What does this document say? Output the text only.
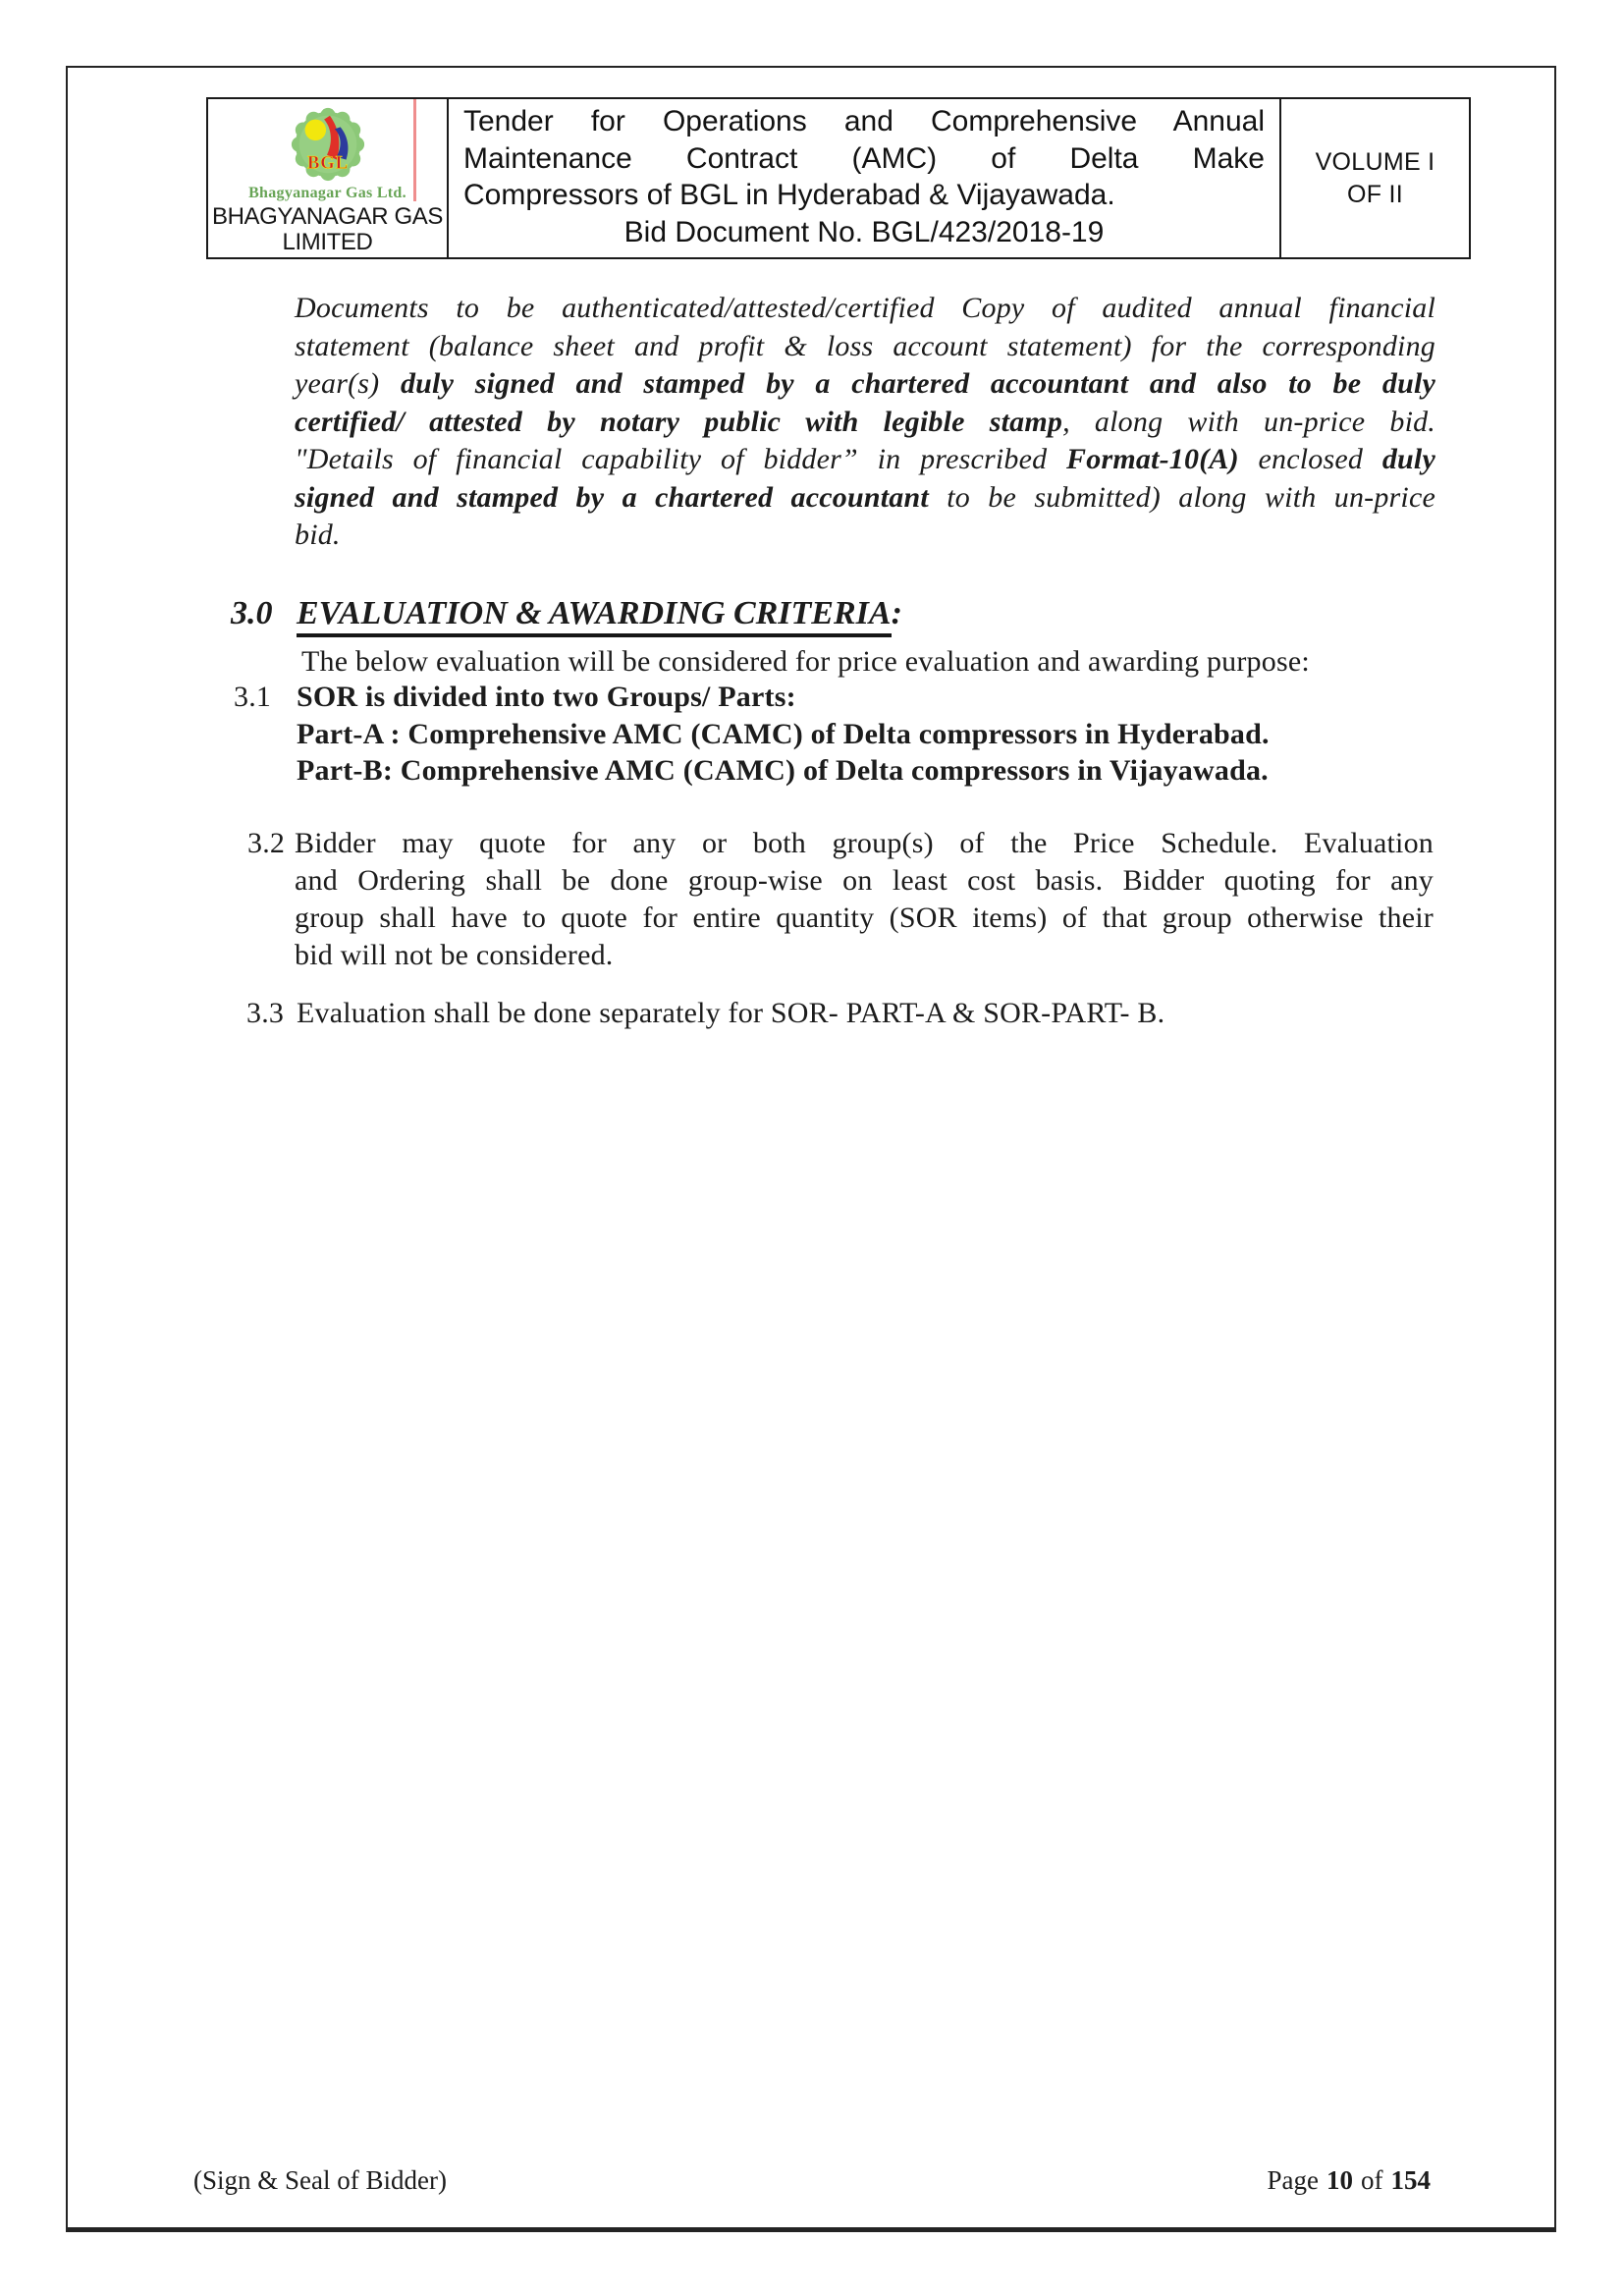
BGL
Bhagyanagar Gas Ltd.
BHAGYANAGAR GAS
LIMITED
Tender for Operations and Comprehensive Annual
Maintenance Contract (AMC) of Delta Make
Compressors of BGL in Hyderabad & Vijayawada.
Bid Document No. BGL/423/2018-19
VOLUME I
OF II
Documents to be authenticated/attested/certified Copy of audited annual financial
statement (balance sheet and profit & loss account statement) for the corresponding
year(s) duly signed and stamped by a chartered accountant and also to be duly
certified/ attested by notary public with legible stamp, along with un-price bid.
"Details of financial capability of bidder” in prescribed Format-10(A) enclosed duly
signed and stamped by a chartered accountant to be submitted) along with un-price
bid.
3.0 EVALUATION & AWARDING CRITERIA:
The below evaluation will be considered for price evaluation and awarding purpose:
3.1 SOR is divided into two Groups/ Parts:
Part-A : Comprehensive AMC (CAMC) of Delta compressors in Hyderabad.
Part-B: Comprehensive AMC (CAMC) of Delta compressors in Vijayawada.
3.2 Bidder may quote for any or both group(s) of the Price Schedule. Evaluation
and Ordering shall be done group-wise on least cost basis. Bidder quoting for any
group shall have to quote for entire quantity (SOR items) of that group otherwise their
bid will not be considered.
3.3 Evaluation shall be done separately for SOR- PART-A & SOR-PART- B.
(Sign & Seal of Bidder)	Page 10 of 154
